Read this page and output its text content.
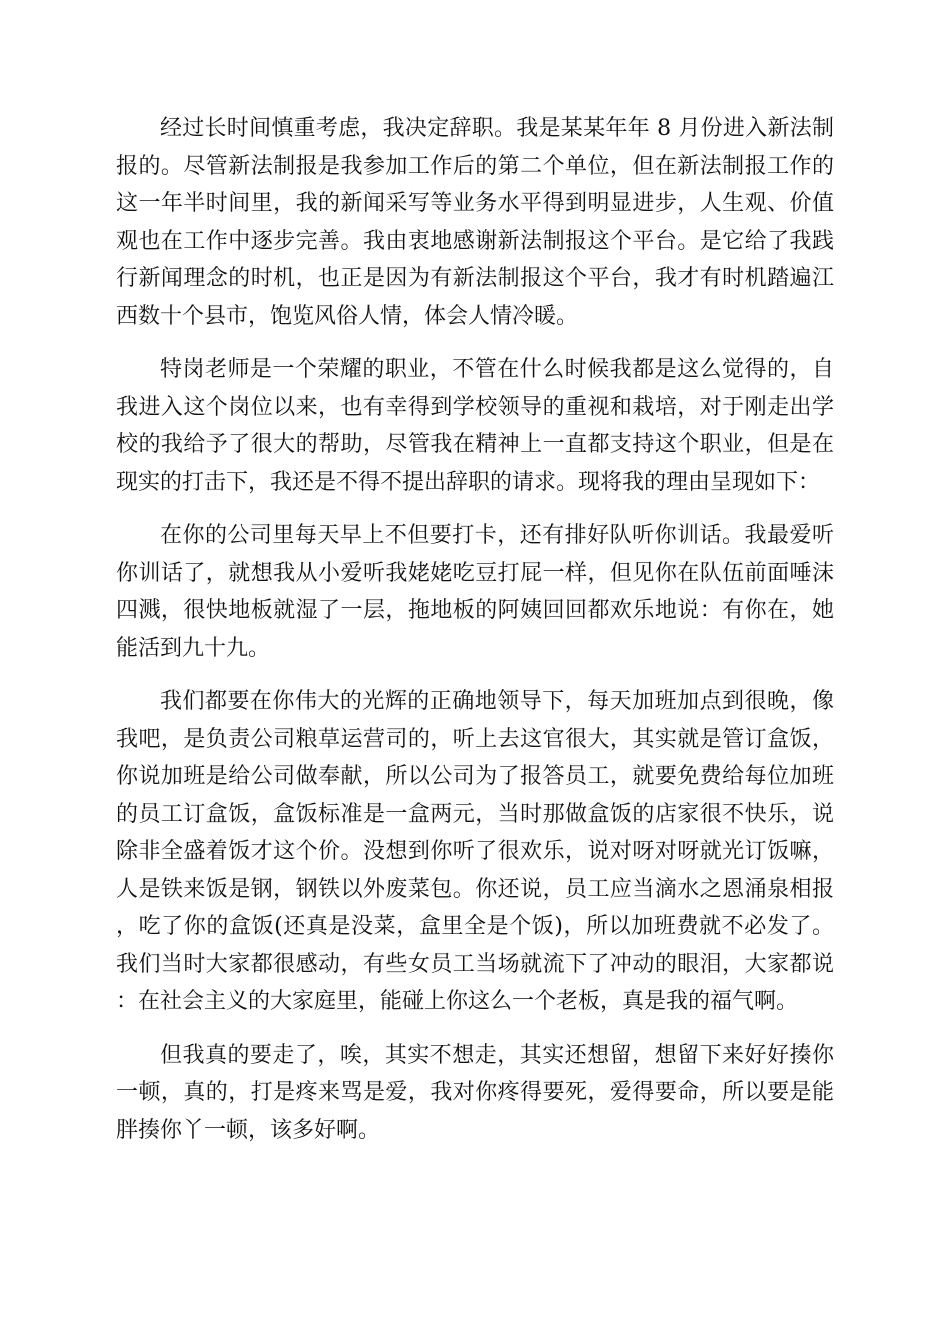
经过长时间慎重考虑，我决定辞职。我是某某年年 8 月份进入新法制报的。尽管新法制报是我参加工作后的第二个单位，但在新法制报工作的这一年半时间里，我的新闻采写等业务水平得到明显进步，人生观、价值观也在工作中逐步完善。我由衷地感谢新法制报这个平台。是它给了我践行新闻理念的时机，也正是因为有新法制报这个平台，我才有时机踏遍江西数十个县市，饱览风俗人情，体会人情冷暖。

特岗老师是一个荣耀的职业，不管在什么时候我都是这么觉得的，自我进入这个岗位以来，也有幸得到学校领导的重视和栽培，对于刚走出学校的我给予了很大的帮助，尽管我在精神上一直都支持这个职业，但是在现实的打击下，我还是不得不提出辞职的请求。现将我的理由呈现如下：

在你的公司里每天早上不但要打卡，还有排好队听你训话。我最爱听你训话了，就想我从小爱听我姥姥吃豆打屁一样，但见你在队伍前面唾沫四溅，很快地板就湿了一层，拖地板的阿姨回回都欢乐地说：有你在，她能活到九十九。

我们都要在你伟大的光辉的正确地领导下，每天加班加点到很晚，像我吧，是负责公司粮草运营司的，听上去这官很大，其实就是管订盒饭，你说加班是给公司做奉献，所以公司为了报答员工，就要免费给每位加班的员工订盒饭，盒饭标准是一盒两元，当时那做盒饭的店家很不快乐，说除非全盛着饭才这个价。没想到你听了很欢乐，说对呀对呀就光订饭嘛，人是铁来饭是钢，钢铁以外废菜包。你还说，员工应当滴水之恩涌泉相报，吃了你的盒饭(还真是没菜，盒里全是个饭)，所以加班费就不必发了。我们当时大家都很感动，有些女员工当场就流下了冲动的眼泪，大家都说：在社会主义的大家庭里，能碰上你这么一个老板，真是我的福气啊。

但我真的要走了，唉，其实不想走，其实还想留，想留下来好好揍你一顿，真的，打是疼来骂是爱，我对你疼得要死，爱得要命，所以要是能胖揍你丫一顿，该多好啊。
